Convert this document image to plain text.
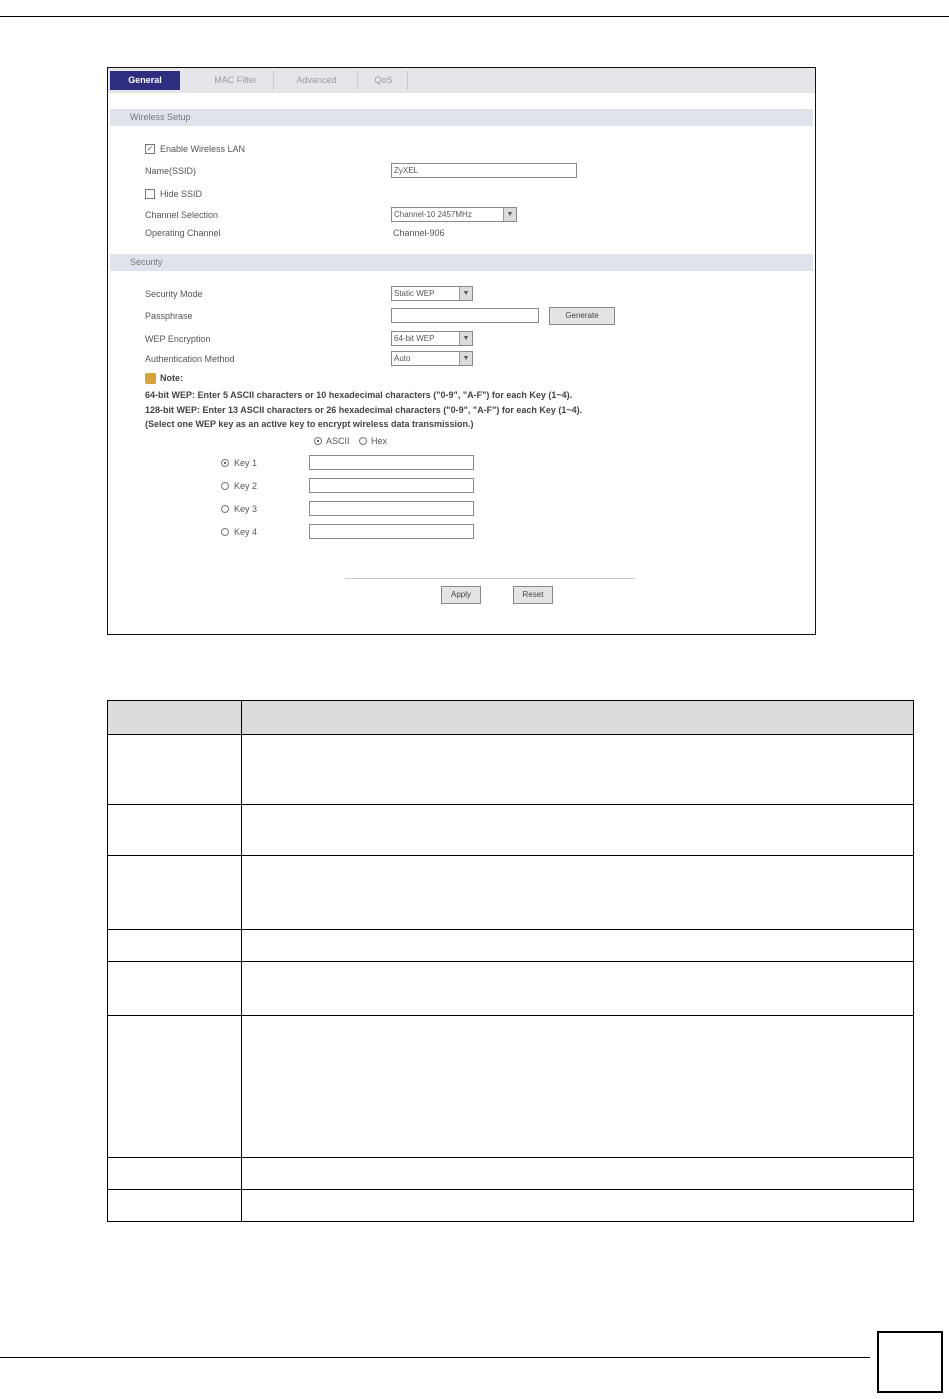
General	MAC Filter	Advanced	QoS
Wireless Setup
✓ Enable Wireless LAN
Name(SSID)	ZyXEL
Hide SSID
Channel Selection	Channel-10 2457MHz	▼
Operating Channel	Channel-906
Security
Security Mode	Static WEP	▼
Passphrase	Generate
WEP Encryption	64-bit WEP	▼
Authentication Method	Auto	▼
Note:
64-bit WEP: Enter 5 ASCII characters or 10 hexadecimal characters ("0-9", "A-F") for each Key (1~4).
128-bit WEP: Enter 13 ASCII characters or 26 hexadecimal characters ("0-9", "A-F") for each Key (1~4).
(Select one WEP key as an active key to encrypt wireless data transmission.)
ASCII Hex
Key 1
Key 2
Key 3
Key 4
Apply	Reset
